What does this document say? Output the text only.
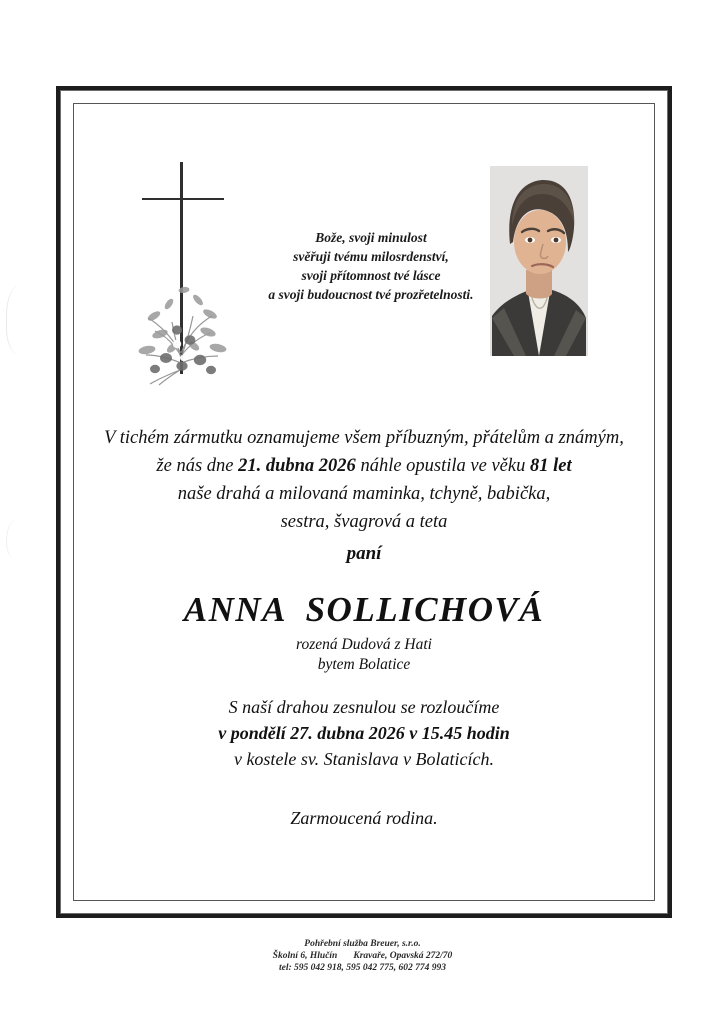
Bože, svoji minulost
svěřuji tvému milosrdenství,
svoji přítomnost tvé lásce
a svoji budoucnost tvé prozřetelnosti.
V tichém zármutku oznamujeme všem příbuzným, přátelům a známým,
že nás dne 21. dubna 2026 náhle opustila ve věku 81 let
naše drahá a milovaná maminka, tchyně, babička,
sestra, švagrová a teta
paní
ANNA  SOLLICHOVÁ
rozená Dudová z Hati
bytem Bolatice
S naší drahou zesnulou se rozloučíme
v pondělí 27. dubna 2026 v 15.45 hodin
v kostele sv. Stanislava v Bolaticích.
Zarmoucená rodina.
Pohřební služba Breuer, s.r.o.
Školní 6, Hlučín Kravaře, Opavská 272/70
tel: 595 042 918, 595 042 775, 602 774 993
